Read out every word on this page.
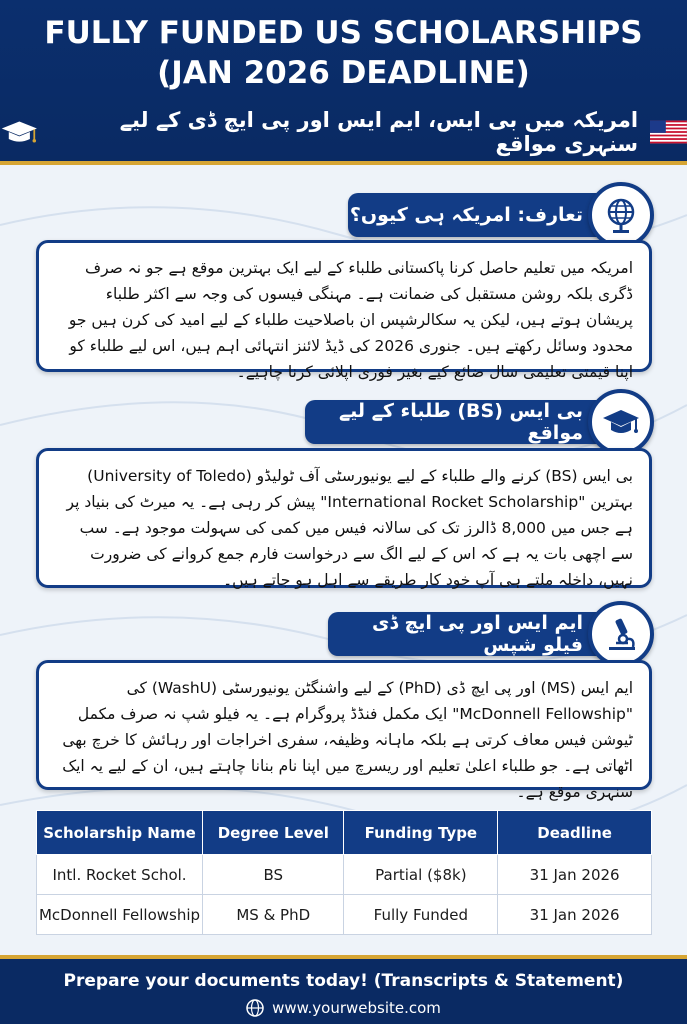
FULLY FUNDED US SCHOLARSHIPS
(JAN 2026 DEADLINE)
امریکہ میں بی ایس، ایم ایس اور پی ایچ ڈی کے لیے سنہری مواقع
تعارف: امریکہ ہی کیوں؟

امریکہ میں تعلیم حاصل کرنا پاکستانی طلباء کے لیے ایک بہترین موقع ہے جو نہ صرف ڈگری بلکہ روشن مستقبل کی ضمانت ہے۔ مہنگی فیسوں کی وجہ سے اکثر طلباء پریشان ہوتے ہیں، لیکن یہ سکالرشپس ان باصلاحیت طلباء کے لیے امید کی کرن ہیں جو محدود وسائل رکھتے ہیں۔ جنوری 2026 کی ڈیڈ لائنز انتہائی اہم ہیں، اس لیے طلباء کو اپنا قیمتی تعلیمی سال ضائع کیے بغیر فوری اپلائی کرنا چاہیے۔

بی ایس (BS) طلباء کے لیے مواقع

بی ایس (BS) کرنے والے طلباء کے لیے یونیورسٹی آف ٹولیڈو (University of Toledo) بہترین "International Rocket Scholarship" پیش کر رہی ہے۔ یہ میرٹ کی بنیاد پر ہے جس میں 8,000 ڈالرز تک کی سالانہ فیس میں کمی کی سہولت موجود ہے۔ سب سے اچھی بات یہ ہے کہ اس کے لیے الگ سے درخواست فارم جمع کروانے کی ضرورت نہیں، داخلہ ملتے ہی آپ خود کار طریقے سے اہل ہو جاتے ہیں۔

ایم ایس اور پی ایچ ڈی فیلو شپس

ایم ایس (MS) اور پی ایچ ڈی (PhD) کے لیے واشنگٹن یونیورسٹی (WashU) کی "McDonnell Fellowship" ایک مکمل فنڈڈ پروگرام ہے۔ یہ فیلو شپ نہ صرف مکمل ٹیوشن فیس معاف کرتی ہے بلکہ ماہانہ وظیفہ، سفری اخراجات اور رہائش کا خرچ بھی اٹھاتی ہے۔ جو طلباء اعلیٰ تعلیم اور ریسرچ میں اپنا نام بنانا چاہتے ہیں، ان کے لیے یہ ایک سنہری موقع ہے۔

Scholarship Name	Degree Level	Funding Type	Deadline
Intl. Rocket Schol.	BS	Partial ($8k)	31 Jan 2026
McDonnell Fellowship	MS & PhD	Fully Funded	31 Jan 2026
Prepare your documents today! (Transcripts & Statement)
www.yourwebsite.com
